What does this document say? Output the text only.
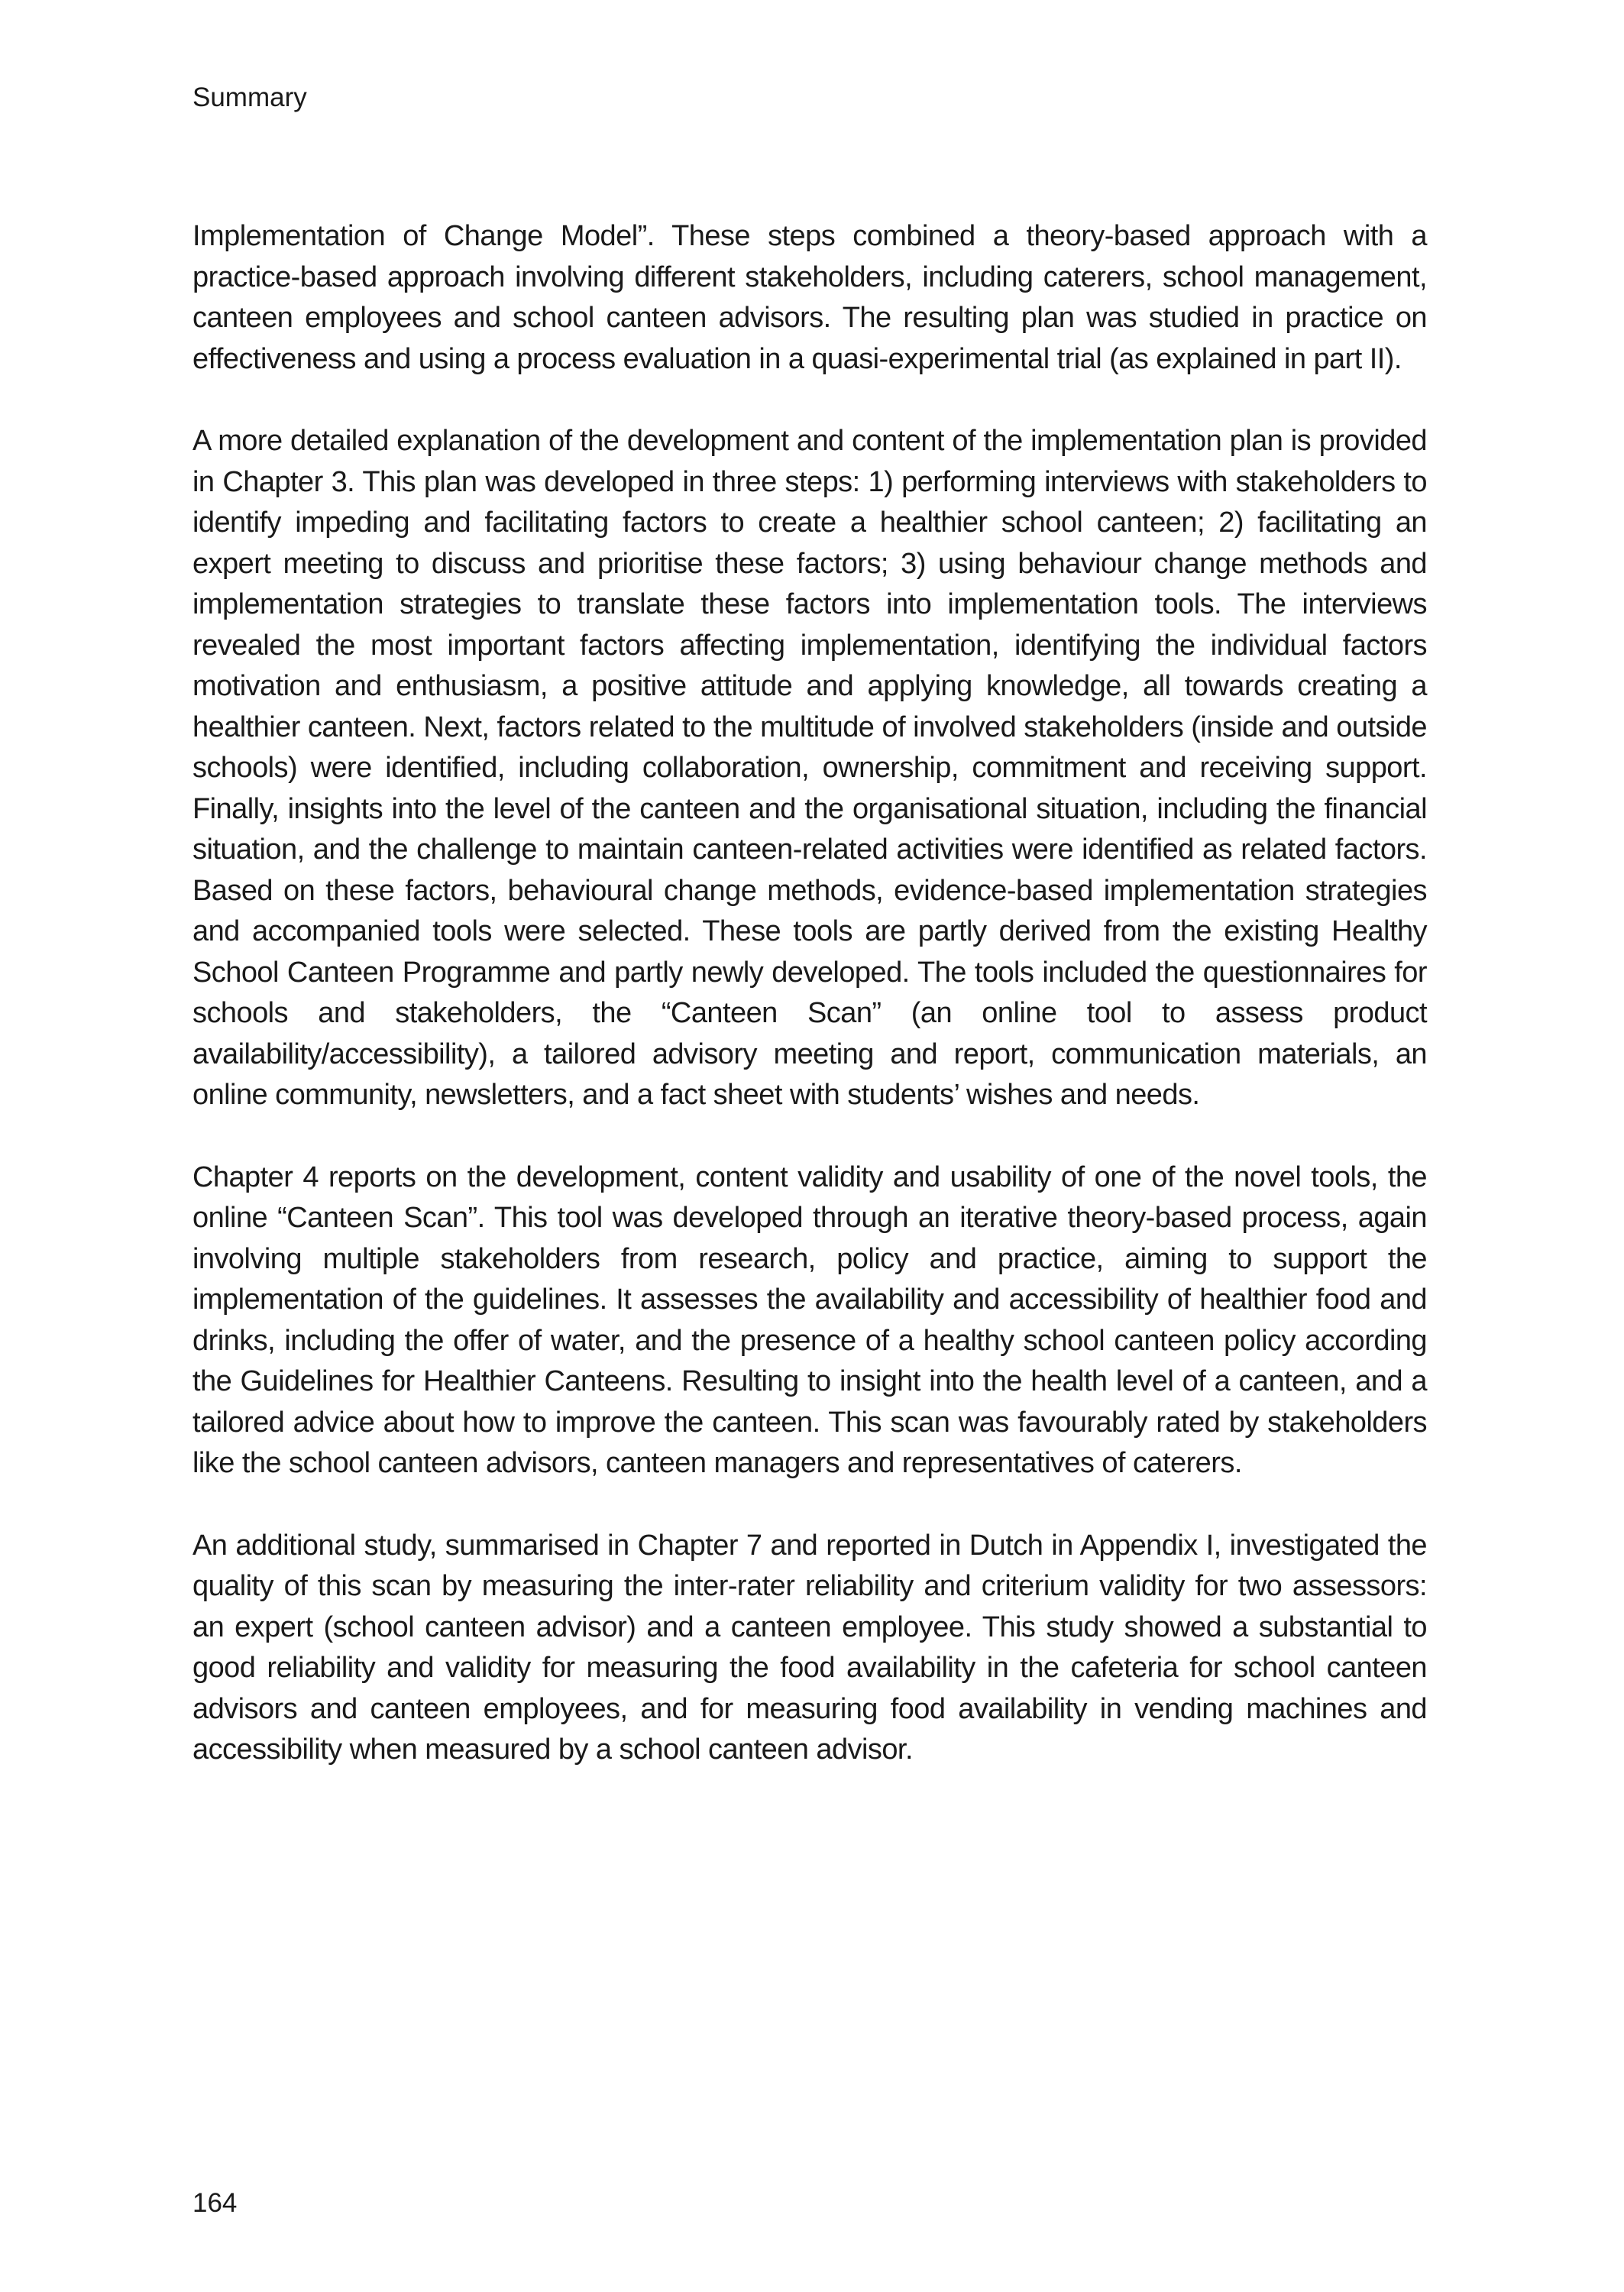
Summary

Implementation of Change Model”. These steps combined a theory-based approach with a practice-based approach involving different stakeholders, including caterers, school management, canteen employees and school canteen advisors. The resulting plan was studied in practice on effectiveness and using a process evaluation in a quasi-experimental trial (as explained in part II).

A more detailed explanation of the development and content of the implementation plan is provided in Chapter 3. This plan was developed in three steps: 1) performing interviews with stakeholders to identify impeding and facilitating factors to create a healthier school canteen; 2) facilitating an expert meeting to discuss and prioritise these factors; 3) using behaviour change methods and implementation strategies to translate these factors into implementation tools. The interviews revealed the most important factors affecting implementation, identifying the individual factors motivation and enthusiasm, a positive attitude and applying knowledge, all towards creating a healthier canteen. Next, factors related to the multitude of involved stakeholders (inside and outside schools) were identified, including collaboration, ownership, commitment and receiving support. Finally, insights into the level of the canteen and the organisational situation, including the financial situation, and the challenge to maintain canteen-related activities were identified as related factors. Based on these factors, behavioural change methods, evidence-based implementation strategies and accompanied tools were selected. These tools are partly derived from the existing Healthy School Canteen Programme and partly newly developed. The tools included the questionnaires for schools and stakeholders, the “Canteen Scan” (an online tool to assess product availability/accessibility), a tailored advisory meeting and report, communication materials, an online community, newsletters, and a fact sheet with students’ wishes and needs.

Chapter 4 reports on the development, content validity and usability of one of the novel tools, the online “Canteen Scan”. This tool was developed through an iterative theory-based process, again involving multiple stakeholders from research, policy and practice, aiming to support the implementation of the guidelines. It assesses the availability and accessibility of healthier food and drinks, including the offer of water, and the presence of a healthy school canteen policy according the Guidelines for Healthier Canteens. Resulting to insight into the health level of a canteen, and a tailored advice about how to improve the canteen. This scan was favourably rated by stakeholders like the school canteen advisors, canteen managers and representatives of caterers.

An additional study, summarised in Chapter 7 and reported in Dutch in Appendix I, investigated the quality of this scan by measuring the inter-rater reliability and criterium validity for two assessors: an expert (school canteen advisor) and a canteen employee. This study showed a substantial to good reliability and validity for measuring the food availability in the cafeteria for school canteen advisors and canteen employees, and for measuring food availability in vending machines and accessibility when measured by a school canteen advisor.

164
